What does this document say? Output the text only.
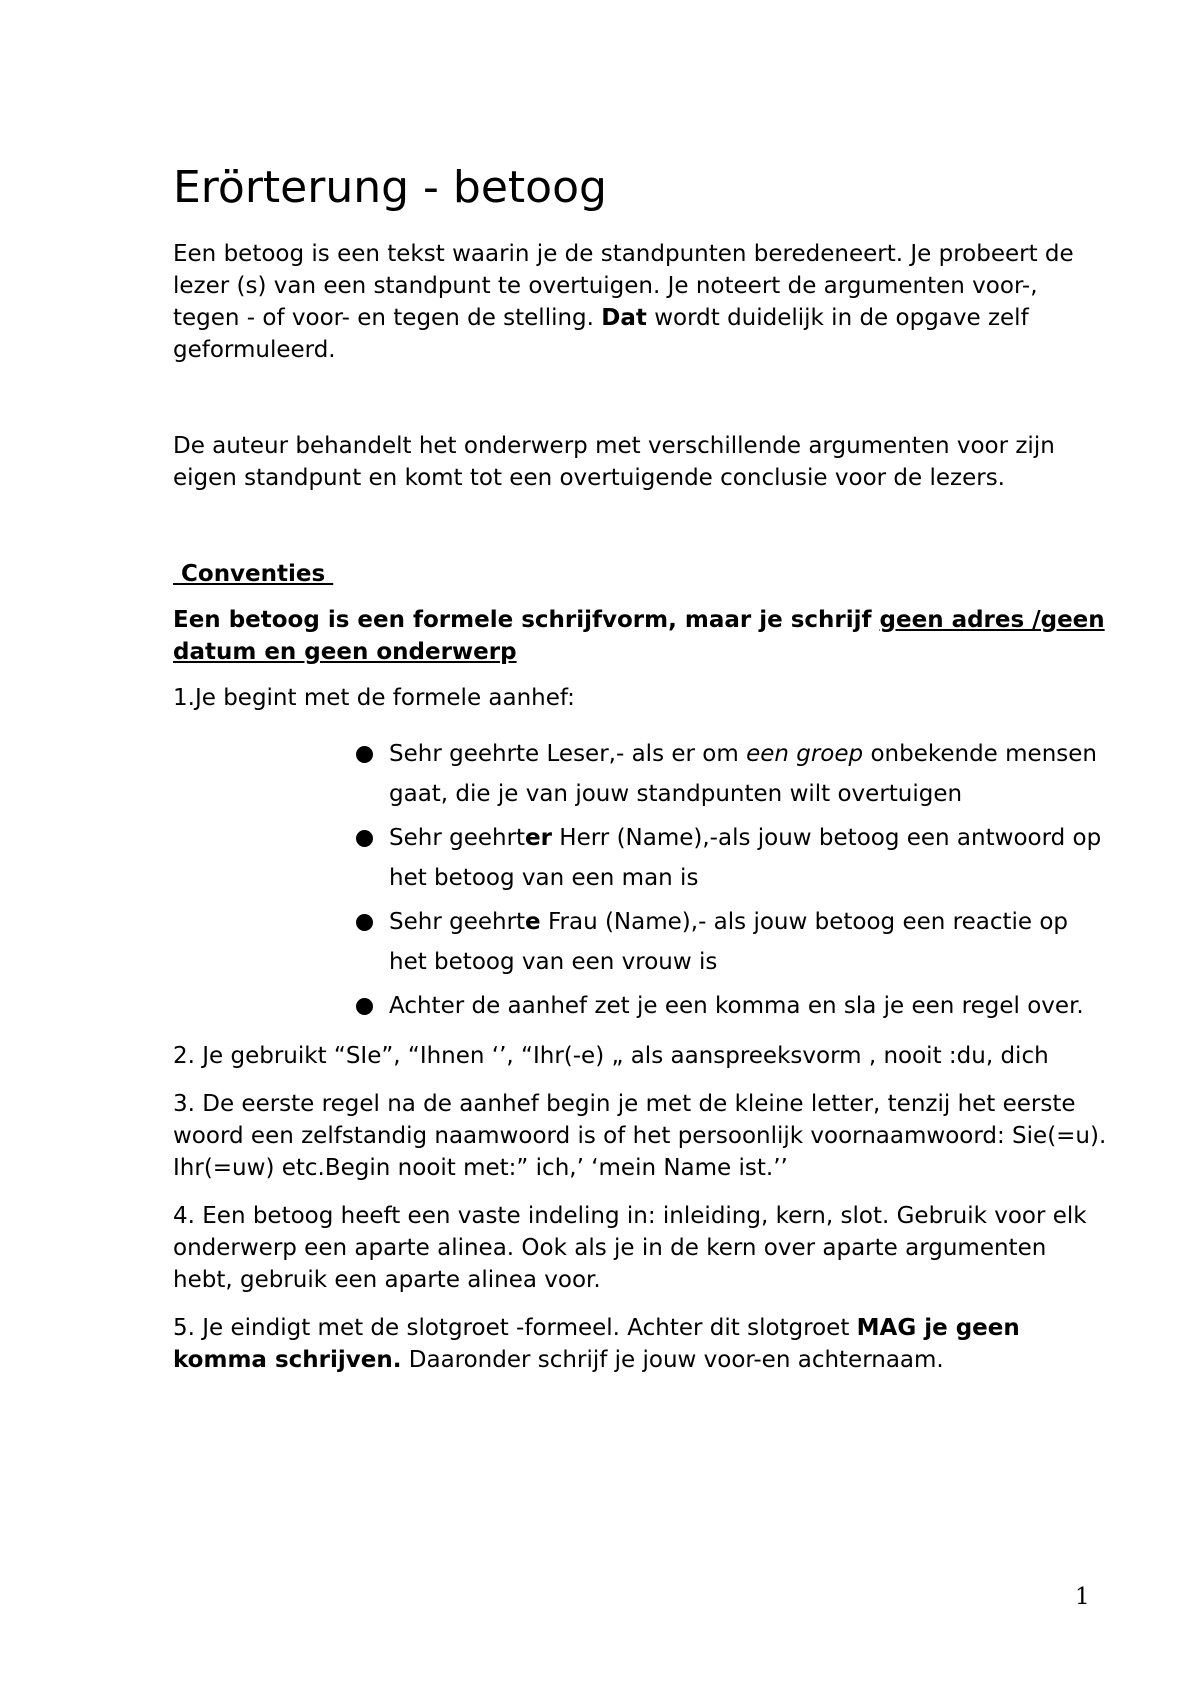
Erörterung - betoog

Een betoog is een tekst waarin je de standpunten beredeneert. Je probeert de lezer (s) van een standpunt te overtuigen. Je noteert de argumenten voor-, tegen - of voor- en tegen de stelling. Dat wordt duidelijk in de opgave zelf geformuleerd.

De auteur behandelt het onderwerp met verschillende argumenten voor zijn eigen standpunt en komt tot een overtuigende conclusie voor de lezers.

Conventies

Een betoog is een formele schrijfvorm, maar je schrijf geen adres /geen datum en geen onderwerp

1.Je begint met de formele aanhef:

Sehr geehrte Leser,- als er om een groep onbekende mensen gaat, die je van jouw standpunten wilt overtuigen
Sehr geehrter Herr (Name),-als jouw betoog een antwoord op het betoog van een man is
Sehr geehrte Frau (Name),- als jouw betoog een reactie op het betoog van een vrouw is
Achter de aanhef zet je een komma en sla je een regel over.

2. Je gebruikt “SIe”, “Ihnen ‘’, “Ihr(-e) „ als aanspreeksvorm , nooit :du, dich

3. De eerste regel na de aanhef begin je met de kleine letter, tenzij het eerste woord een zelfstandig naamwoord is of het persoonlijk voornaamwoord: Sie(=u). Ihr(=uw) etc.Begin nooit met:” ich,’ ‘mein Name ist.’’

4. Een betoog heeft een vaste indeling in: inleiding, kern, slot. Gebruik voor elk onderwerp een aparte alinea. Ook als je in de kern over aparte argumenten hebt, gebruik een aparte alinea voor.

5. Je eindigt met de slotgroet -formeel. Achter dit slotgroet MAG je geen komma schrijven. Daaronder schrijf je jouw voor-en achternaam.

1
